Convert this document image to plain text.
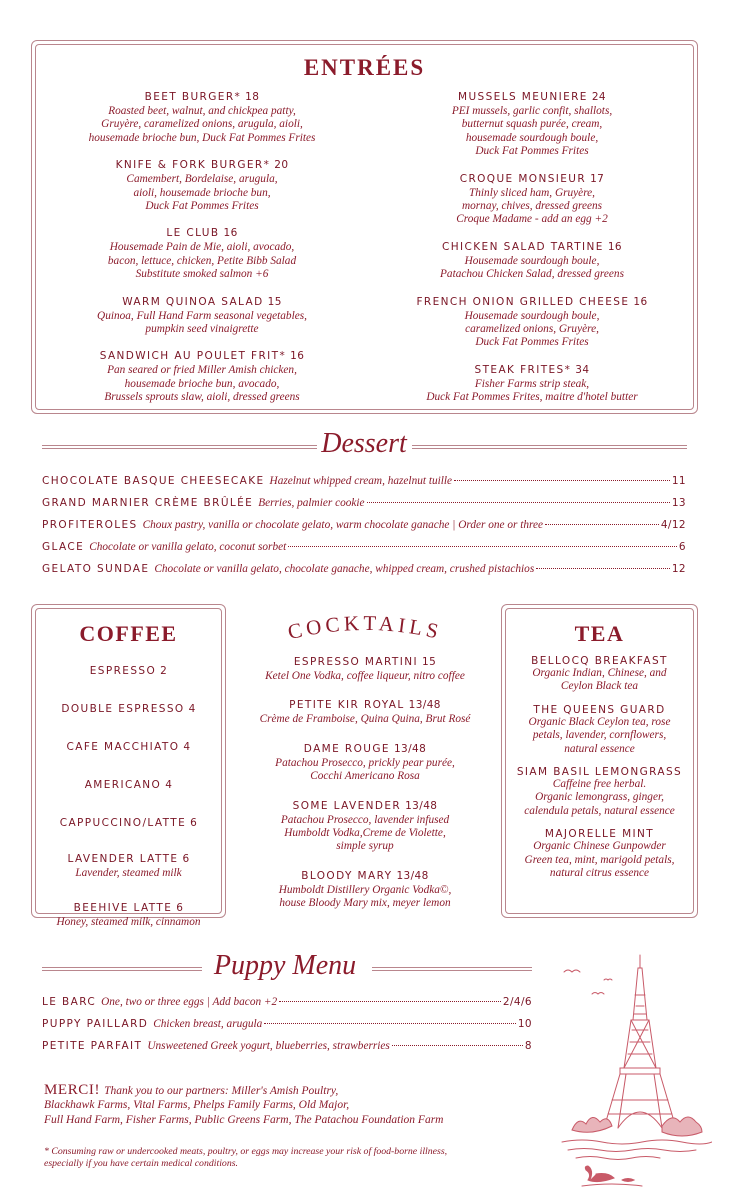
ENTRÉES
BEET BURGER* 18
Roasted beet, walnut, and chickpea patty,
Gruyère, caramelized onions, arugula, aioli,
housemade brioche bun, Duck Fat Pommes Frites
KNIFE & FORK BURGER* 20
Camembert, Bordelaise, arugula,
aioli, housemade brioche bun,
Duck Fat Pommes Frites
LE CLUB 16
Housemade Pain de Mie, aioli, avocado,
bacon, lettuce, chicken, Petite Bibb Salad
Substitute smoked salmon +6
WARM QUINOA SALAD 15
Quinoa, Full Hand Farm seasonal vegetables,
pumpkin seed vinaigrette
SANDWICH AU POULET FRIT* 16
Pan seared or fried Miller Amish chicken,
housemade brioche bun, avocado,
Brussels sprouts slaw, aioli, dressed greens
MUSSELS MEUNIERE 24
PEI mussels, garlic confit, shallots,
butternut squash purée, cream,
housemade sourdough boule,
Duck Fat Pommes Frites
CROQUE MONSIEUR 17
Thinly sliced ham, Gruyère,
mornay, chives, dressed greens
Croque Madame - add an egg +2
CHICKEN SALAD TARTINE 16
Housemade sourdough boule,
Patachou Chicken Salad, dressed greens
FRENCH ONION GRILLED CHEESE 16
Housemade sourdough boule,
caramelized onions, Gruyère,
Duck Fat Pommes Frites
STEAK FRITES* 34
Fisher Farms strip steak,
Duck Fat Pommes Frites, maitre d'hotel butter
Dessert
CHOCOLATE BASQUE CHEESECAKE Hazelnut whipped cream, hazelnut tuille	11
GRAND MARNIER CRÈME BRÛLÉE Berries, palmier cookie	13
PROFITEROLES Choux pastry, vanilla or chocolate gelato, warm chocolate ganache | Order one or three	4/12
GLACE Chocolate or vanilla gelato, coconut sorbet	6
GELATO SUNDAE Chocolate or vanilla gelato, chocolate ganache, whipped cream, crushed pistachios	12
COFFEE
ESPRESSO 2
DOUBLE ESPRESSO 4
CAFE MACCHIATO 4
AMERICANO 4
CAPPUCCINO/LATTE 6
LAVENDER LATTE 6
Lavender, steamed milk
BEEHIVE LATTE 6
Honey, steamed milk, cinnamon
COCKTAILS
ESPRESSO MARTINI 15
Ketel One Vodka, coffee liqueur, nitro coffee
PETITE KIR ROYAL 13/48
Crème de Framboise, Quina Quina, Brut Rosé
DAME ROUGE 13/48
Patachou Prosecco, prickly pear purée,
Cocchi Americano Rosa
SOME LAVENDER 13/48
Patachou Prosecco, lavender infused
Humboldt Vodka,Creme de Violette,
simple syrup
BLOODY MARY 13/48
Humboldt Distillery Organic Vodka©,
house Bloody Mary mix, meyer lemon
TEA
BELLOCQ BREAKFAST
Organic Indian, Chinese, and
Ceylon Black tea
THE QUEENS GUARD
Organic Black Ceylon tea, rose
petals, lavender, cornflowers,
natural essence
SIAM BASIL LEMONGRASS
Caffeine free herbal.
Organic lemongrass, ginger,
calendula petals, natural essence
MAJORELLE MINT
Organic Chinese Gunpowder
Green tea, mint, marigold petals,
natural citrus essence
Puppy Menu
LE BARC One, two or three eggs | Add bacon +2	2/4/6
PUPPY PAILLARD Chicken breast, arugula	10
PETITE PARFAIT Unsweetened Greek yogurt, blueberries, strawberries	8
MERCI! Thank you to our partners: Miller's Amish Poultry,
Blackhawk Farms, Vital Farms, Phelps Family Farms, Old Major,
Full Hand Farm, Fisher Farms, Public Greens Farm, The Patachou Foundation Farm
* Consuming raw or undercooked meats, poultry, or eggs may increase your risk of food-borne illness,
especially if you have certain medical conditions.
